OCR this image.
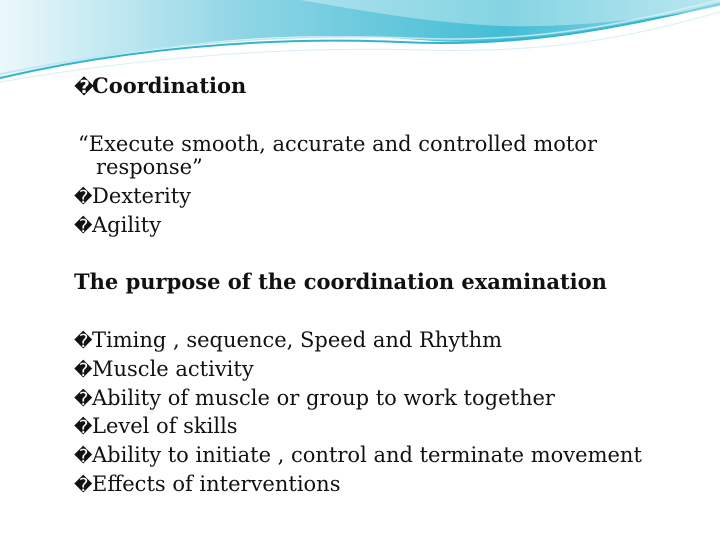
�Coordination
“Execute smooth, accurate and controlled motor
response”
�Dexterity
�Agility
The purpose of the coordination examination
�Timing , sequence, Speed and Rhythm
�Muscle activity
�Ability of muscle or group to work together
�Level of skills
�Ability to initiate , control and terminate movement
�Effects of interventions
